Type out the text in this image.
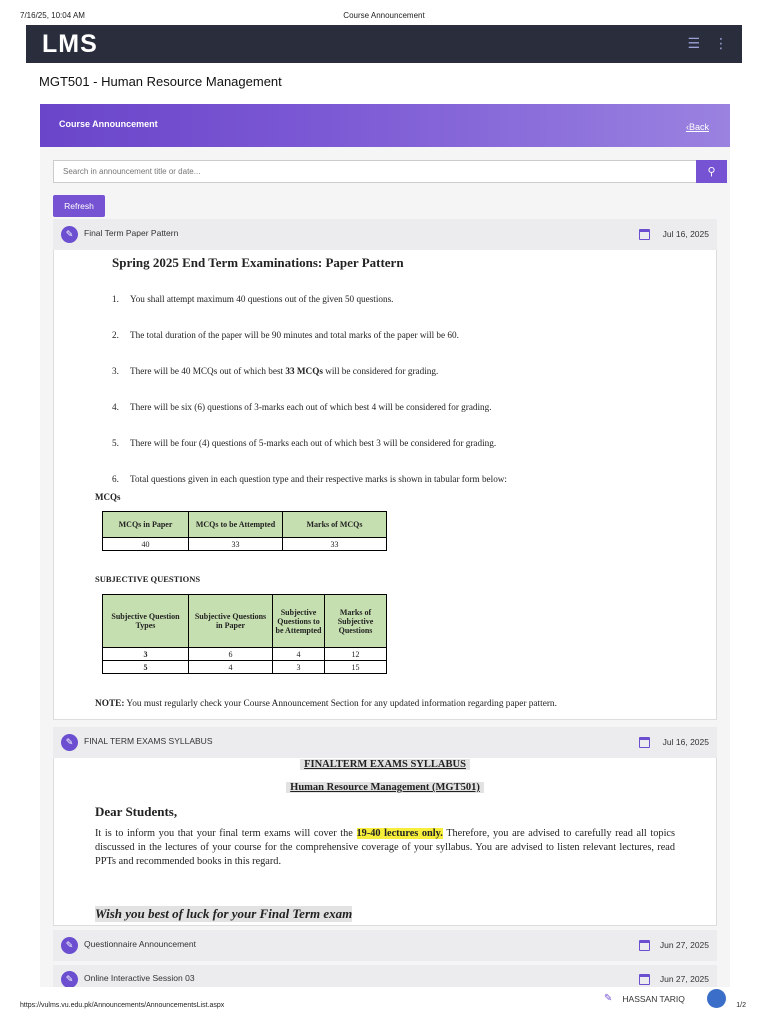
7/16/25, 10:04 AM	Course Announcement
LMS	☰ ⋮
MGT501 - Human Resource Management
Course Announcement	‹Back
Search in announcement title or date...
⚲
Refresh
✎	Final Term Paper Pattern	Jul 16, 2025
Spring 2025 End Term Examinations: Paper Pattern
1. You shall attempt maximum 40 questions out of the given 50 questions.
2. The total duration of the paper will be 90 minutes and total marks of the paper will be 60.
3. There will be 40 MCQs out of which best 33 MCQs will be considered for grading.
4. There will be six (6) questions of 3-marks each out of which best 4 will be considered for grading.
5. There will be four (4) questions of 5-marks each out of which best 3 will be considered for grading.
6. Total questions given in each question type and their respective marks is shown in tabular form below:
MCQs
MCQs in Paper	MCQs to be Attempted	Marks of MCQs
40	33	33
SUBJECTIVE QUESTIONS
Subjective Question Types	Subjective Questions in Paper	Subjective Questions to be Attempted	Marks of Subjective Questions
3	6	4	12
5	4	3	15
NOTE: You must regularly check your Course Announcement Section for any updated information regarding paper pattern.
✎	FINAL TERM EXAMS SYLLABUS	Jul 16, 2025
FINALTERM EXAMS SYLLABUS
Human Resource Management (MGT501)
Dear Students,
It is to inform you that your final term exams will cover the 19-40 lectures only. Therefore, you are advised to carefully read all topics discussed in the lectures of your course for the comprehensive coverage of your syllabus. You are advised to listen relevant lectures, read PPTs and recommended books in this regard.
Wish you best of luck for your Final Term exam
✎	Questionnaire Announcement	Jun 27, 2025
✎	Online Interactive Session 03	Jun 27, 2025
✎ HASSAN TARIQ
https://vulms.vu.edu.pk/Announcements/AnnouncementsList.aspx	1/2
